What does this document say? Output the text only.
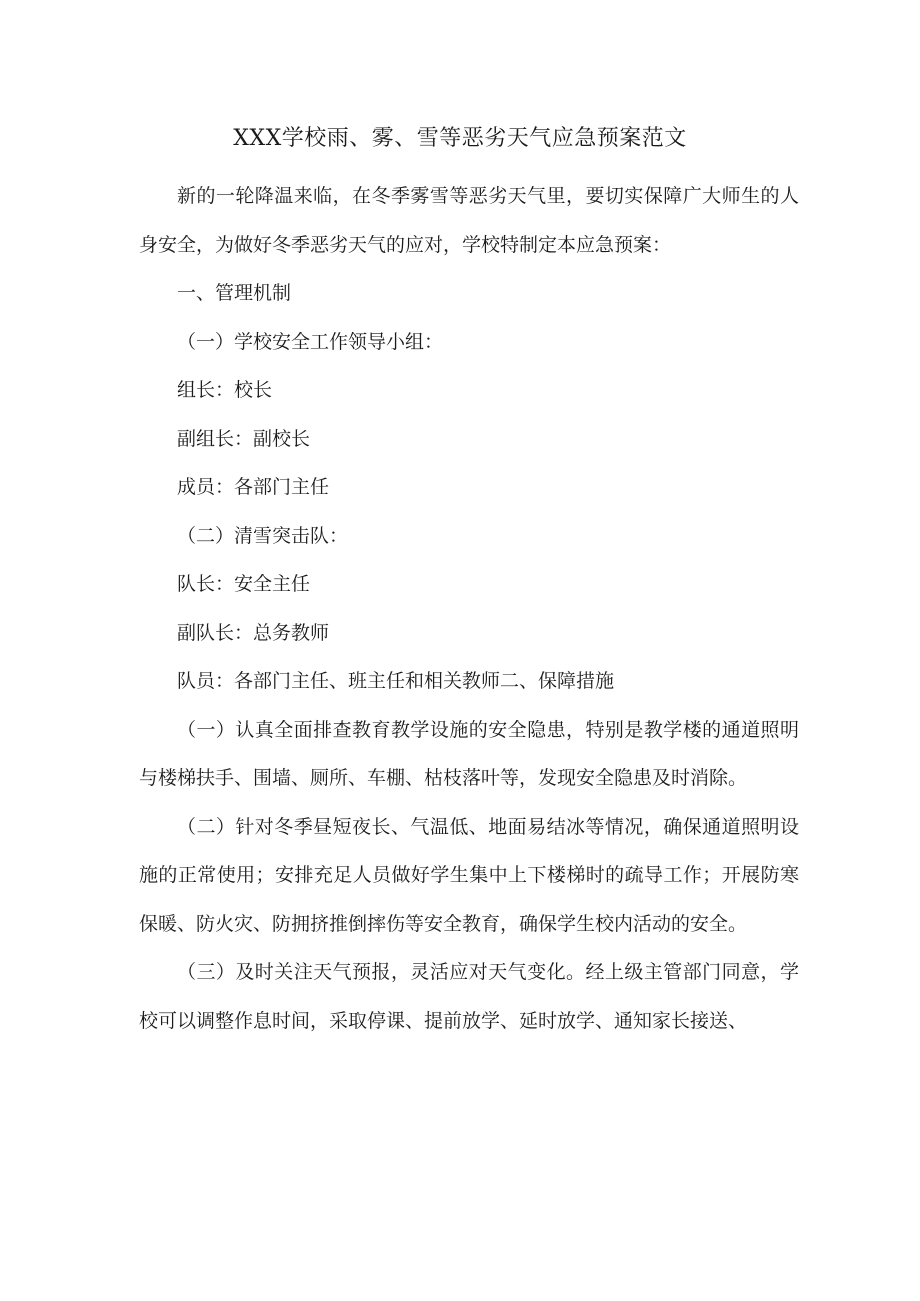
XXX学校雨、雾、雪等恶劣天气应急预案范文

新的一轮降温来临，在冬季雾雪等恶劣天气里，要切实保障广大师生的人身安全，为做好冬季恶劣天气的应对，学校特制定本应急预案：

一、管理机制

（一）学校安全工作领导小组：

组长：校长

副组长：副校长

成员：各部门主任

（二）清雪突击队：

队长：安全主任

副队长：总务教师

队员：各部门主任、班主任和相关教师二、保障措施

（一）认真全面排查教育教学设施的安全隐患，特别是教学楼的通道照明与楼梯扶手、围墙、厕所、车棚、枯枝落叶等，发现安全隐患及时消除。

（二）针对冬季昼短夜长、气温低、地面易结冰等情况，确保通道照明设施的正常使用；安排充足人员做好学生集中上下楼梯时的疏导工作；开展防寒保暖、防火灾、防拥挤推倒摔伤等安全教育，确保学生校内活动的安全。

（三）及时关注天气预报，灵活应对天气变化。经上级主管部门同意，学校可以调整作息时间，采取停课、提前放学、延时放学、通知家长接送、
